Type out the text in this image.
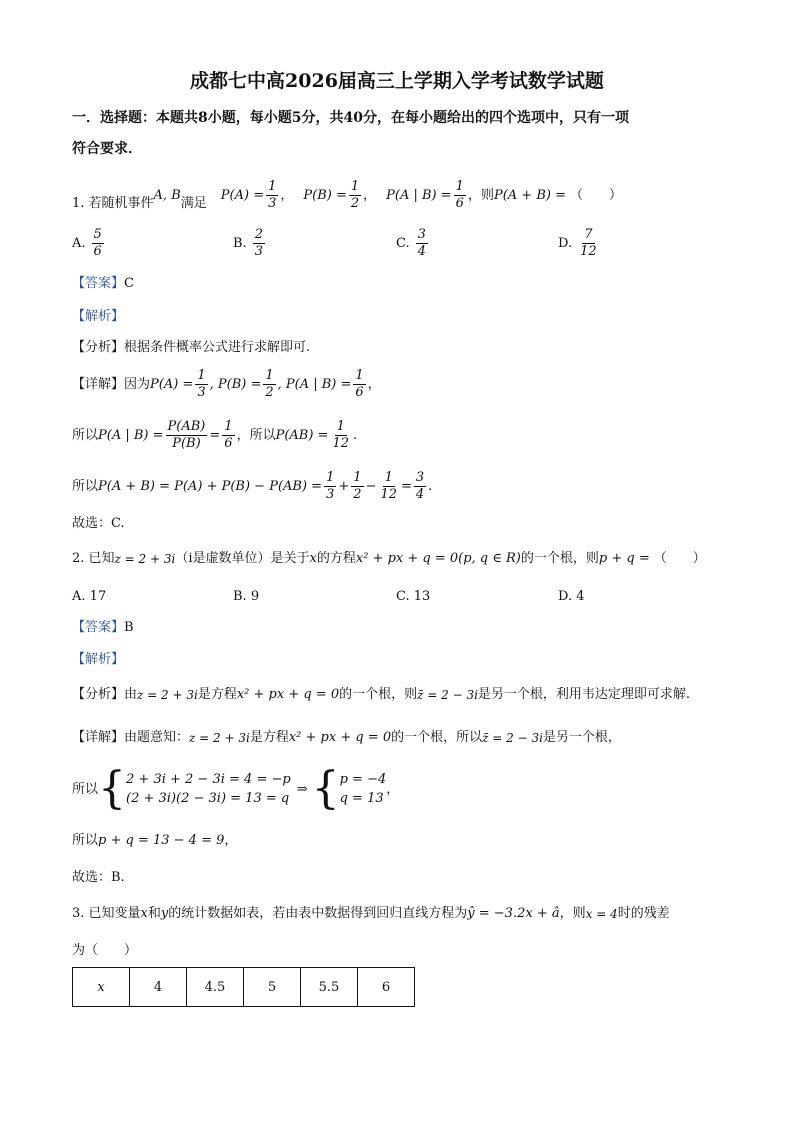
成都七中高2026届高三上学期入学考试数学试题
一．选择题：本题共8小题，每小题5分，共40分，在每小题给出的四个选项中，只有一项
符合要求．
1. 若随机事件
A, B
满足
$P(A) = \frac{1}{3}$ ， $P(B) = \frac{1}{2}$ ， P(A | $B) = \frac{1}{6}$ ，则 P(A + B) = （　　）
A. $\frac{5}{6}$	B. $\frac{2}{3}$	C. $\frac{3}{4}$	D. $\frac{7}{12}$
【答案】C
【解析】
【分析】根据条件概率公式进行求解即可.
【详解】 因为 $P(A) = \frac{1}{3}$ , $P(B) = \frac{1}{2}$ , P(A | $B) = \frac{1}{6}$ ，
所以 P(A | $B) = \frac{P(AB)}{P(B)} = \frac{1}{6}$ ，所以 $P(AB) = \frac{1}{12}$ .
所以 $P(A + B) = P(A) + P(B) - P(AB) = \frac{1}{3} + \frac{1}{2} - \frac{1}{12} = \frac{3}{4}$ .
故选：C.
2. 已知 z = 2 + 3i （i是虚数单位）是关于 x 的方程 x² + px + q = 0 (p, q ∈ R) 的一个根，则 p + q = （　　）
A. 17	B. 9	C. 13	D. 4
【答案】B
【解析】
【分析】 由 z = 2 + 3i 是方程 x² + px + q = 0 的一个根，则 z̄ = 2 − 3i 是另一个根，利用韦达定理即可求解.
【详解】 由题意知： z = 2 + 3i 是方程 x² + px + q = 0 的一个根，所以 z̄ = 2 − 3i 是另一个根，
所以 { 2 + 3i + 2 − 3i = 4 = −p
(2 + 3i)(2 − 3i) = 13 = q
⇒ { p = −4
q = 13
，
所以 p + q = 13 − 4 = 9 ，
故选：B.
3. 已知变量 x 和 y 的统计数据如表，若由表中数据得到回归直线方程为 ŷ = −3.2x + â ，则 x = 4 时的残差
为（　　）
x	4	4.5	5	5.5	6
